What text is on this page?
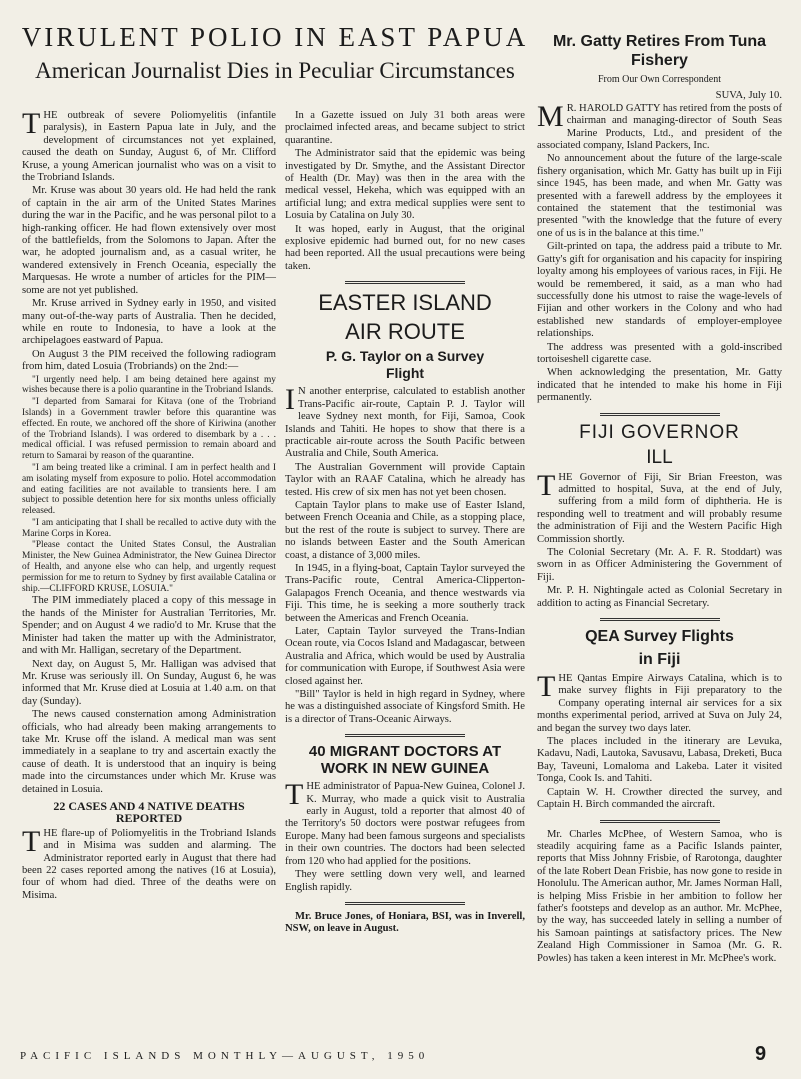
VIRULENT POLIO IN EAST PAPUA
American Journalist Dies in Peculiar Circumstances

THE outbreak of severe Poliomyelitis (infantile paralysis), in Eastern Papua late in July, and the development of circumstances not yet explained, caused the death on Sunday, August 6, of Mr. Clifford Kruse, a young American journalist who was on a visit to the Trobriand Islands.

Mr. Kruse was about 30 years old. He had held the rank of captain in the air arm of the United States Marines during the war in the Pacific, and he was personal pilot to a high-ranking officer. He had flown extensively over most of the battlefields, from the Solomons to Japan. After the war, he adopted journalism and, as a casual writer, he wandered extensively in French Oceania, especially the Marquesas. He wrote a number of articles for the PIM—some are not yet published.

Mr. Kruse arrived in Sydney early in 1950, and visited many out-of-the-way parts of Australia. Then he decided, while en route to Indonesia, to have a look at the archipelagoes eastward of Papua.

On August 3 the PIM received the following radiogram from him, dated Losuia (Trobriands) on the 2nd:—

"I urgently need help. I am being detained here against my wishes because there is a polio quarantine in the Trobriand Islands.

"I departed from Samarai for Kitava (one of the Trobriand Islands) in a Government trawler before this quarantine was effected. En route, we anchored off the shore of Kiriwina (another of the Trobriand Islands). I was ordered to disembark by a . . . medical official. I was refused permission to remain aboard and return to Samarai by reason of the quarantine.

"I am being treated like a criminal. I am in perfect health and I am isolating myself from exposure to polio. Hotel accommodation and eating facilities are not available to transients here. I am subject to possible detention here for six months unless officially released.

"I am anticipating that I shall be recalled to active duty with the Marine Corps in Korea.

"Please contact the United States Consul, the Australian Minister, the New Guinea Administrator, the New Guinea Director of Health, and anyone else who can help, and urgently request permission for me to return to Sydney by first available Catalina or ship.—CLIFFORD KRUSE, LOSUIA."

The PIM immediately placed a copy of this message in the hands of the Minister for Australian Territories, Mr. Spender; and on August 4 we radio'd to Mr. Kruse that the Minister had taken the matter up with the Administrator, and with Mr. Halligan, secretary of the Department.

Next day, on August 5, Mr. Halligan was advised that Mr. Kruse was seriously ill. On Sunday, August 6, he was informed that Mr. Kruse died at Losuia at 1.40 a.m. on that day (Sunday).

The news caused consternation among Administration officials, who had already been making arrangements to take Mr. Kruse off the island. A medical man was sent immediately in a seaplane to try and ascertain exactly the cause of death. It is understood that an inquiry is being made into the circumstances under which Mr. Kruse was detained in Losuia.

22 CASES AND 4 NATIVE DEATHS REPORTED

THE flare-up of Poliomyelitis in the Trobriand Islands and in Misima was sudden and alarming. The Administrator reported early in August that there had been 22 cases reported among the natives (16 at Losuia), four of whom had died. Three of the deaths were on Misima.

In a Gazette issued on July 31 both areas were proclaimed infected areas, and became subject to strict quarantine.

The Administrator said that the epidemic was being investigated by Dr. Smythe, and the Assistant Director of Health (Dr. May) was then in the area with the medical vessel, Hekeha, which was equipped with an artificial lung; and extra medical supplies were sent to Losuia by Catalina on July 30.

It was hoped, early in August, that the original explosive epidemic had burned out, for no new cases had been reported. All the usual precautions were being taken.

EASTER ISLAND
AIR ROUTE
P. G. Taylor on a Survey Flight

I N another enterprise, calculated to establish another Trans-Pacific air-route, Captain P. J. Taylor will leave Sydney next month, for Fiji, Samoa, Cook Islands and Tahiti. He hopes to show that there is a practicable air-route across the South Pacific between Australia and Chile, South America.

The Australian Government will provide Captain Taylor with an RAAF Catalina, which he already has tested. His crew of six men has not yet been chosen.

Captain Taylor plans to make use of Easter Island, between French Oceania and Chile, as a stopping place, but the rest of the route is subject to survey. There are no islands between Easter and the South American coast, a distance of 3,000 miles.

In 1945, in a flying-boat, Captain Taylor surveyed the Trans-Pacific route, Central America-Clipperton-Galapagos French Oceania, and thence westwards via Fiji. This time, he is seeking a more southerly track between the Americas and French Oceania.

Later, Captain Taylor surveyed the Trans-Indian Ocean route, via Cocos Island and Madagascar, between Australia and Africa, which would be used by Australia for communication with Europe, if Southwest Asia were closed against her.

"Bill" Taylor is held in high regard in Sydney, where he was a distinguished associate of Kingsford Smith. He is a director of Trans-Oceanic Airways.

40 MIGRANT DOCTORS AT WORK IN NEW GUINEA

THE administrator of Papua-New Guinea, Colonel J. K. Murray, who made a quick visit to Australia early in August, told a reporter that almost 40 of the Territory's 50 doctors were postwar refugees from Europe. Many had been famous surgeons and specialists in their own countries. The doctors had been selected from 120 who had applied for the positions.

They were settling down very well, and learned English rapidly.

Mr. Bruce Jones, of Honiara, BSI, was in Inverell, NSW, on leave in August.

Mr. Gatty Retires From Tuna Fishery
From Our Own Correspondent
SUVA, July 10.

M R. HAROLD GATTY has retired from the posts of chairman and managing-director of South Seas Marine Products, Ltd., and president of the associated company, Island Packers, Inc.

No announcement about the future of the large-scale fishery organisation, which Mr. Gatty has built up in Fiji since 1945, has been made, and when Mr. Gatty was presented with a farewell address by the employees it contained the statement that the testimonial was presented "with the knowledge that the future of every one of us is in the balance at this time."

Gilt-printed on tapa, the address paid a tribute to Mr. Gatty's gift for organisation and his capacity for inspiring loyalty among his employees of various races, in Fiji. He would be remembered, it said, as a man who had successfully done his utmost to raise the wage-levels of Fijian and other workers in the Colony and who had established new standards of employer-employee relationships.

The address was presented with a gold-inscribed tortoiseshell cigarette case.

When acknowledging the presentation, Mr. Gatty indicated that he intended to make his home in Fiji permanently.

FIJI GOVERNOR
ILL

THE Governor of Fiji, Sir Brian Freeston, was admitted to hospital, Suva, at the end of July, suffering from a mild form of diphtheria. He is responding well to treatment and will probably resume the administration of Fiji and the Western Pacific High Commission shortly.

The Colonial Secretary (Mr. A. F. R. Stoddart) was sworn in as Officer Administering the Government of Fiji.

Mr. P. H. Nightingale acted as Colonial Secretary in addition to acting as Financial Secretary.

QEA Survey Flights
in Fiji

THE Qantas Empire Airways Catalina, which is to make survey flights in Fiji preparatory to the Company operating internal air services for a six months experimental period, arrived at Suva on July 24, and began the survey two days later.

The places included in the itinerary are Levuka, Kadavu, Nadi, Lautoka, Savusavu, Labasa, Dreketi, Buca Bay, Taveuni, Lomaloma and Lakeba. Later it visited Tonga, Cook Is. and Tahiti.

Captain W. H. Crowther directed the survey, and Captain H. Birch commanded the aircraft.

Mr. Charles McPhee, of Western Samoa, who is steadily acquiring fame as a Pacific Islands painter, reports that Miss Johnny Frisbie, of Rarotonga, daughter of the late Robert Dean Frisbie, has now gone to reside in Honolulu. The American author, Mr. James Norman Hall, is helping Miss Frisbie in her ambition to follow her father's footsteps and develop as an author. Mr. McPhee, by the way, has succeeded lately in selling a number of his Samoan paintings at satisfactory prices. The New Zealand High Commissioner in Samoa (Mr. G. R. Powles) has taken a keen interest in Mr. McPhee's work.

PACIFIC ISLANDS MONTHLY—AUGUST, 1950	9
